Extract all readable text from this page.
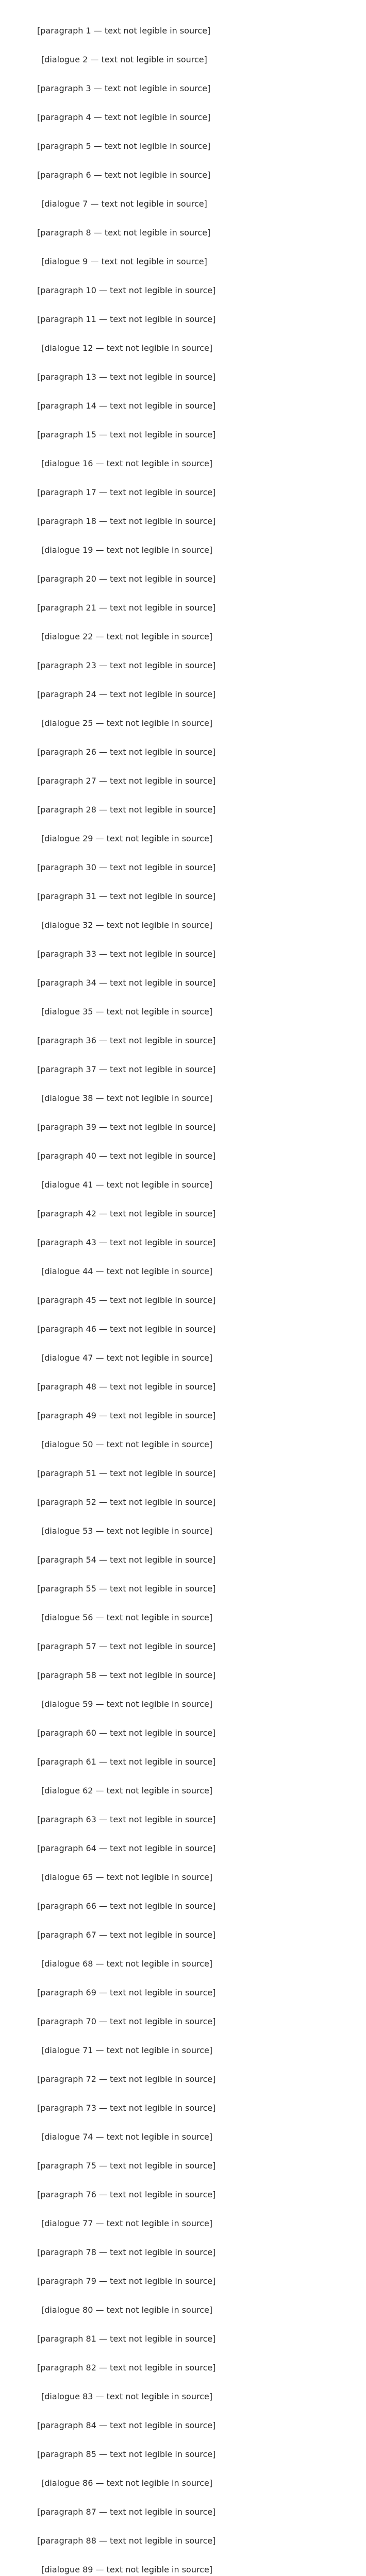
[paragraph 1 — text not legible in source]

[dialogue 2 — text not legible in source]

[paragraph 3 — text not legible in source]

[paragraph 4 — text not legible in source]

[paragraph 5 — text not legible in source]

[paragraph 6 — text not legible in source]

[dialogue 7 — text not legible in source]

[paragraph 8 — text not legible in source]

[dialogue 9 — text not legible in source]

[paragraph 10 — text not legible in source]

[paragraph 11 — text not legible in source]

[dialogue 12 — text not legible in source]

[paragraph 13 — text not legible in source]

[paragraph 14 — text not legible in source]

[paragraph 15 — text not legible in source]

[dialogue 16 — text not legible in source]

[paragraph 17 — text not legible in source]

[paragraph 18 — text not legible in source]

[dialogue 19 — text not legible in source]

[paragraph 20 — text not legible in source]

[paragraph 21 — text not legible in source]

[dialogue 22 — text not legible in source]

[paragraph 23 — text not legible in source]

[paragraph 24 — text not legible in source]

[dialogue 25 — text not legible in source]

[paragraph 26 — text not legible in source]

[paragraph 27 — text not legible in source]

[paragraph 28 — text not legible in source]

[dialogue 29 — text not legible in source]

[paragraph 30 — text not legible in source]

[paragraph 31 — text not legible in source]

[dialogue 32 — text not legible in source]

[paragraph 33 — text not legible in source]

[paragraph 34 — text not legible in source]

[dialogue 35 — text not legible in source]

[paragraph 36 — text not legible in source]

[paragraph 37 — text not legible in source]

[dialogue 38 — text not legible in source]

[paragraph 39 — text not legible in source]

[paragraph 40 — text not legible in source]

[dialogue 41 — text not legible in source]

[paragraph 42 — text not legible in source]

[paragraph 43 — text not legible in source]

[dialogue 44 — text not legible in source]

[paragraph 45 — text not legible in source]

[paragraph 46 — text not legible in source]

[dialogue 47 — text not legible in source]

[paragraph 48 — text not legible in source]

[paragraph 49 — text not legible in source]

[dialogue 50 — text not legible in source]

[paragraph 51 — text not legible in source]

[paragraph 52 — text not legible in source]

[dialogue 53 — text not legible in source]

[paragraph 54 — text not legible in source]

[paragraph 55 — text not legible in source]

[dialogue 56 — text not legible in source]

[paragraph 57 — text not legible in source]

[paragraph 58 — text not legible in source]

[dialogue 59 — text not legible in source]

[paragraph 60 — text not legible in source]

[paragraph 61 — text not legible in source]

[dialogue 62 — text not legible in source]

[paragraph 63 — text not legible in source]

[paragraph 64 — text not legible in source]

[dialogue 65 — text not legible in source]

[paragraph 66 — text not legible in source]

[paragraph 67 — text not legible in source]

[dialogue 68 — text not legible in source]

[paragraph 69 — text not legible in source]

[paragraph 70 — text not legible in source]

[dialogue 71 — text not legible in source]

[paragraph 72 — text not legible in source]

[paragraph 73 — text not legible in source]

[dialogue 74 — text not legible in source]

[paragraph 75 — text not legible in source]

[paragraph 76 — text not legible in source]

[dialogue 77 — text not legible in source]

[paragraph 78 — text not legible in source]

[paragraph 79 — text not legible in source]

[dialogue 80 — text not legible in source]

[paragraph 81 — text not legible in source]

[paragraph 82 — text not legible in source]

[dialogue 83 — text not legible in source]

[paragraph 84 — text not legible in source]

[paragraph 85 — text not legible in source]

[dialogue 86 — text not legible in source]

[paragraph 87 — text not legible in source]

[paragraph 88 — text not legible in source]

[dialogue 89 — text not legible in source]
